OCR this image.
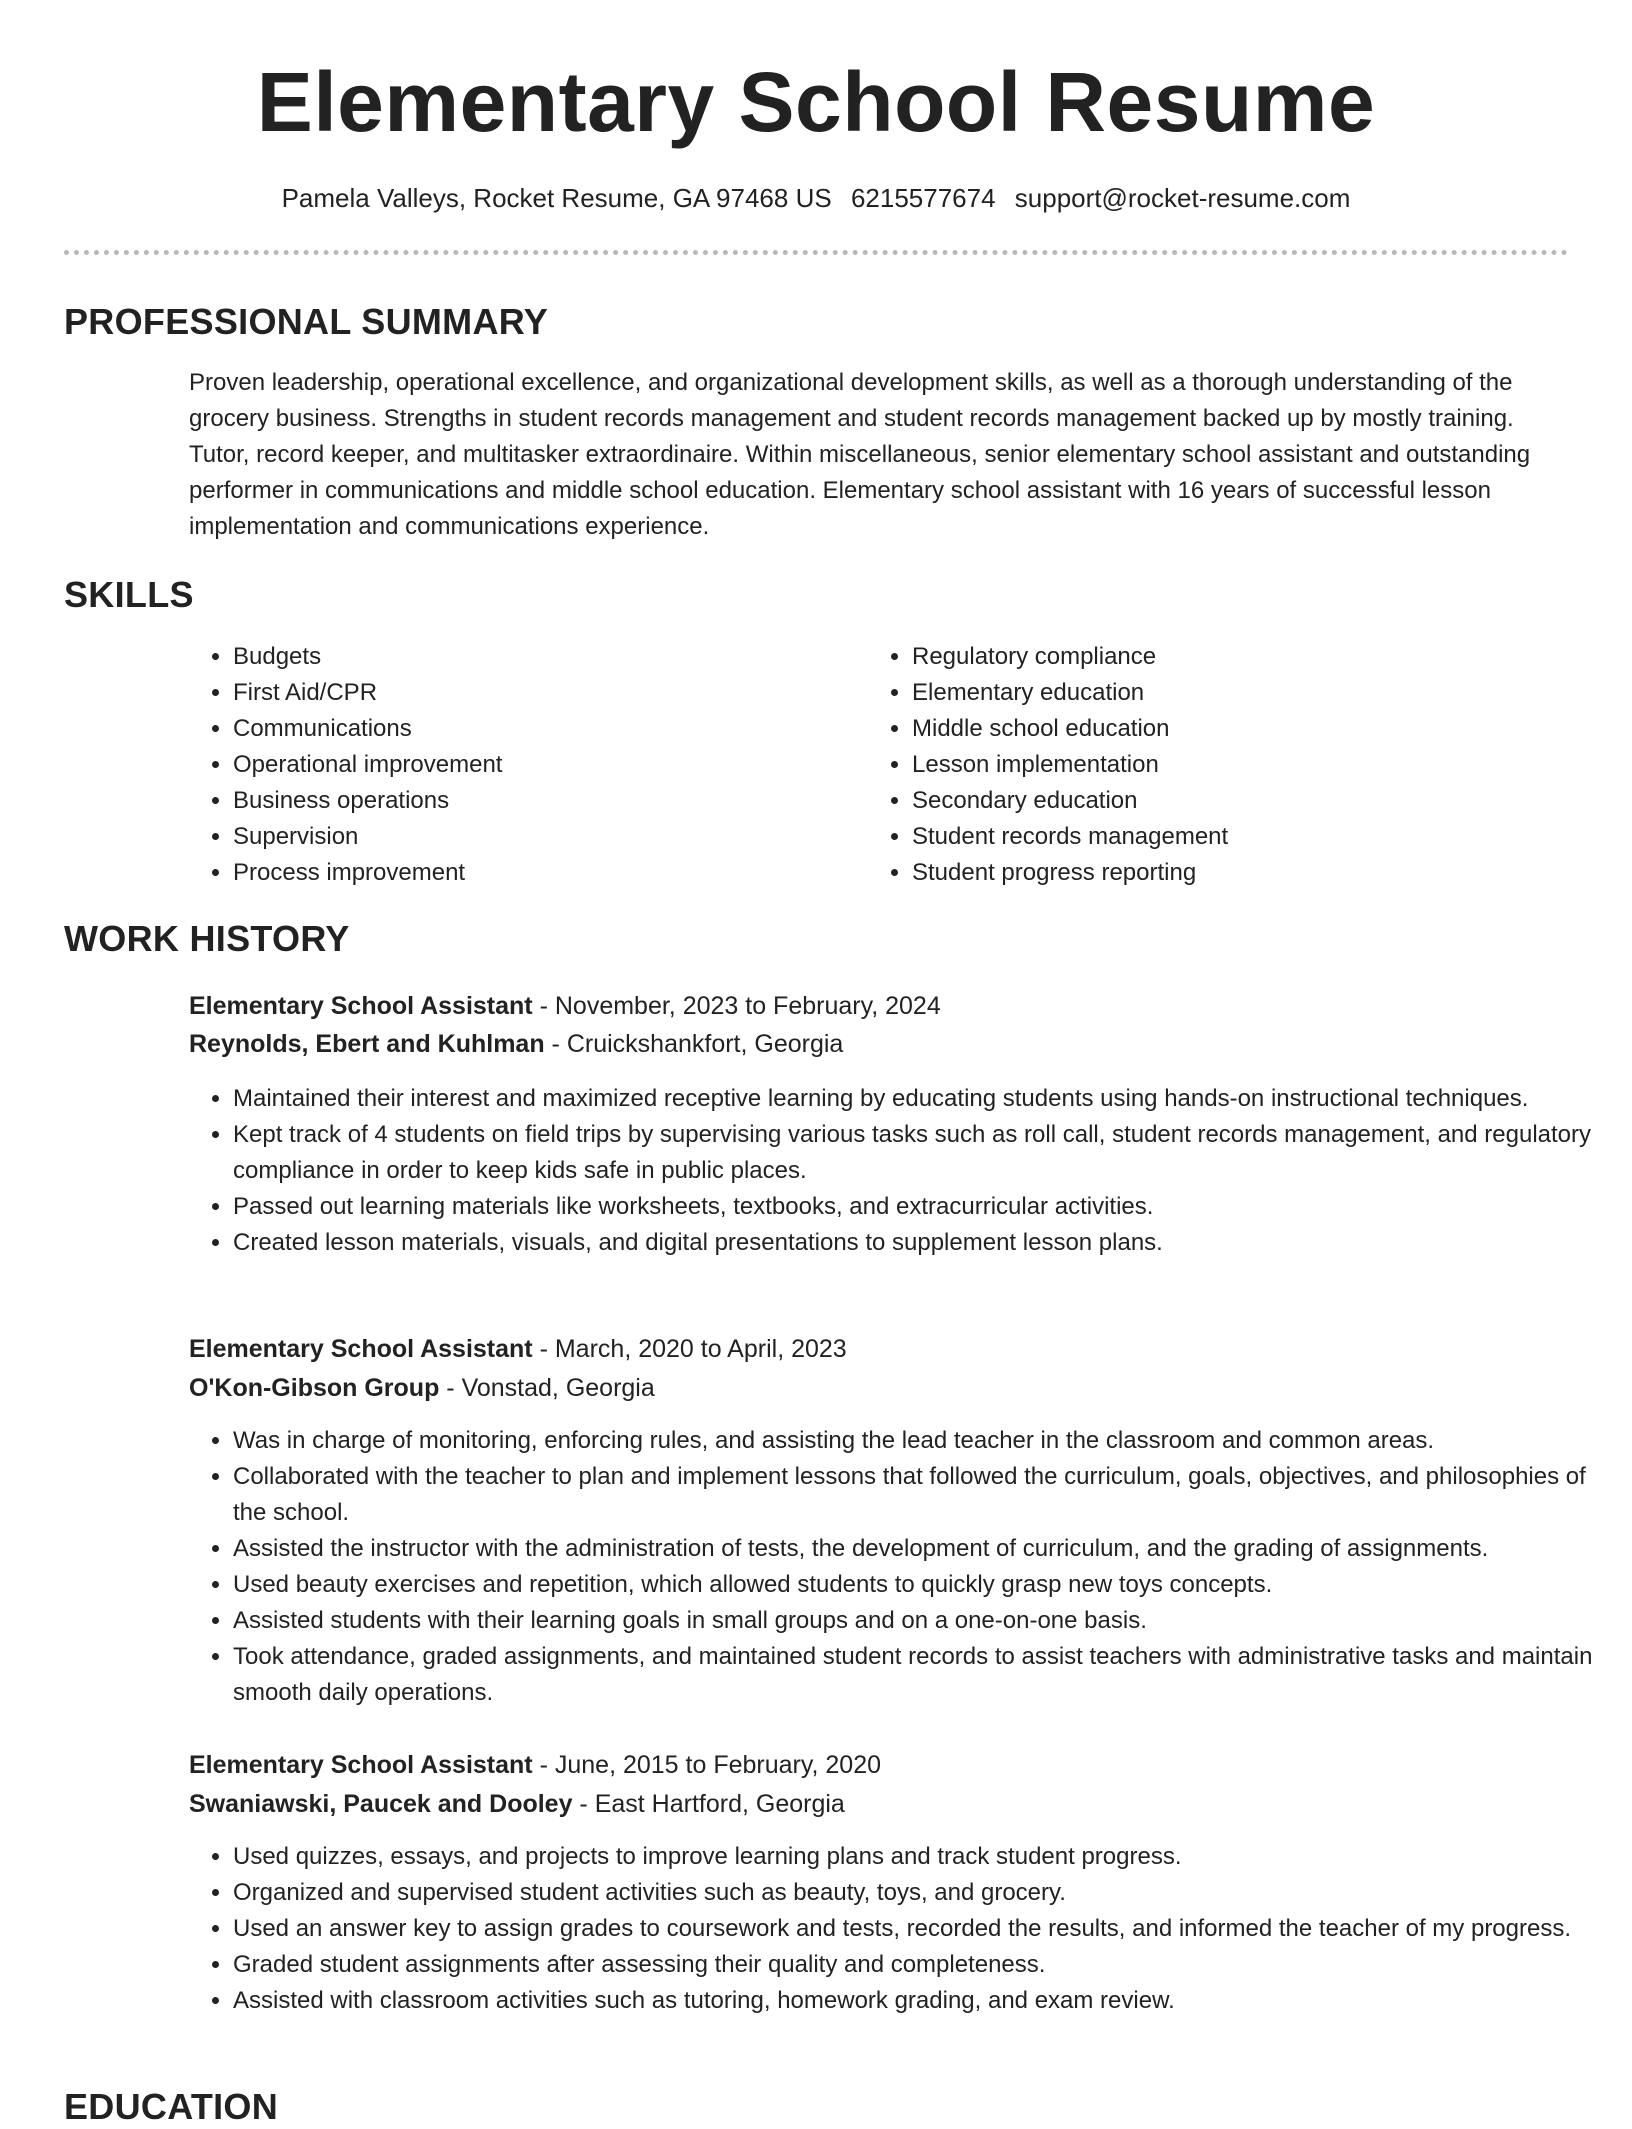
Elementary School Resume
Pamela Valleys, Rocket Resume, GA 97468 US 6215577674 support@rocket-resume.com
PROFESSIONAL SUMMARY

Proven leadership, operational excellence, and organizational development skills, as well as a thorough understanding of the grocery business. Strengths in student records management and student records management backed up by mostly training. Tutor, record keeper, and multitasker extraordinaire. Within miscellaneous, senior elementary school assistant and outstanding performer in communications and middle school education. Elementary school assistant with 16 years of successful lesson implementation and communications experience.

SKILLS
• Budgets
• First Aid/CPR
• Communications
• Operational improvement
• Business operations
• Supervision
• Process improvement
• Regulatory compliance
• Elementary education
• Middle school education
• Lesson implementation
• Secondary education
• Student records management
• Student progress reporting
WORK HISTORY

Elementary School Assistant - November, 2023 to February, 2024

Reynolds, Ebert and Kuhlman - Cruickshankfort, Georgia

• Maintained their interest and maximized receptive learning by educating students using hands-on instructional techniques.
• Kept track of 4 students on field trips by supervising various tasks such as roll call, student records management, and regulatory compliance in order to keep kids safe in public places.
• Passed out learning materials like worksheets, textbooks, and extracurricular activities.
• Created lesson materials, visuals, and digital presentations to supplement lesson plans.

Elementary School Assistant - March, 2020 to April, 2023

O'Kon-Gibson Group - Vonstad, Georgia

• Was in charge of monitoring, enforcing rules, and assisting the lead teacher in the classroom and common areas.
• Collaborated with the teacher to plan and implement lessons that followed the curriculum, goals, objectives, and philosophies of the school.
• Assisted the instructor with the administration of tests, the development of curriculum, and the grading of assignments.
• Used beauty exercises and repetition, which allowed students to quickly grasp new toys concepts.
• Assisted students with their learning goals in small groups and on a one-on-one basis.
• Took attendance, graded assignments, and maintained student records to assist teachers with administrative tasks and maintain smooth daily operations.

Elementary School Assistant - June, 2015 to February, 2020

Swaniawski, Paucek and Dooley - East Hartford, Georgia

• Used quizzes, essays, and projects to improve learning plans and track student progress.
• Organized and supervised student activities such as beauty, toys, and grocery.
• Used an answer key to assign grades to coursework and tests, recorded the results, and informed the teacher of my progress.
• Graded student assignments after assessing their quality and completeness.
• Assisted with classroom activities such as tutoring, homework grading, and exam review.
EDUCATION
